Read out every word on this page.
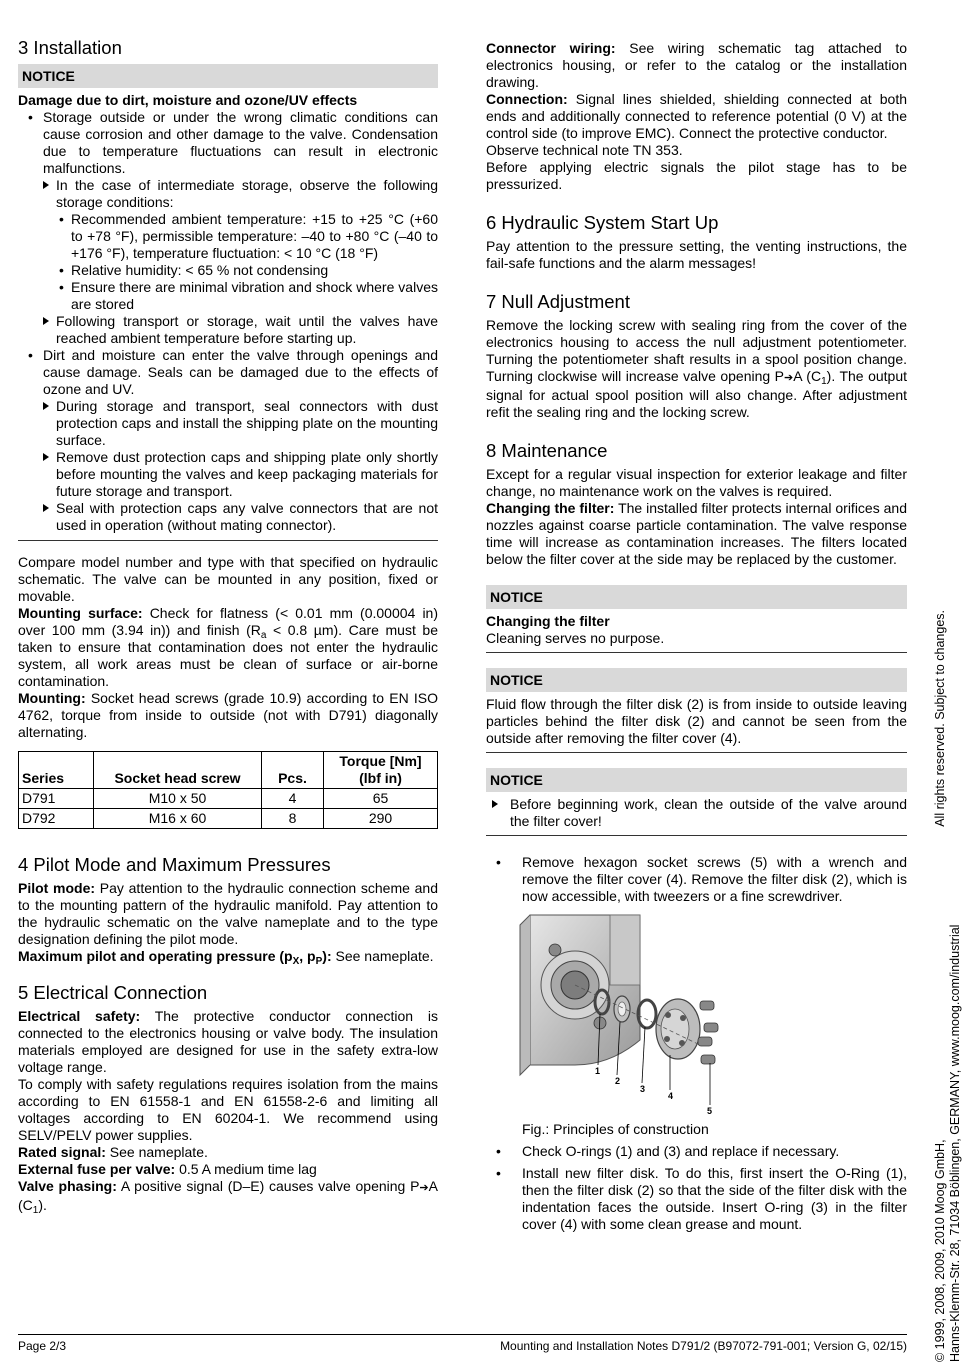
3 Installation
NOTICE
Damage due to dirt, moisture and ozone/UV effects
• Storage outside or under the wrong climatic conditions can cause corrosion and other damage to the valve. Condensation due to temperature fluctuations can result in electronic malfunctions.
In the case of intermediate storage, observe the following storage conditions:
• Recommended ambient temperature: +15 to +25 °C (+60 to +78 °F), permissible temperature: –40 to +80 °C (–40 to +176 °F), temperature fluctuation: < 10 °C (18 °F)
• Relative humidity: < 65 % not condensing
• Ensure there are minimal vibration and shock where valves are stored
Following transport or storage, wait until the valves have reached ambient temperature before starting up.
• Dirt and moisture can enter the valve through openings and cause damage. Seals can be damaged due to the effects of ozone and UV.
During storage and transport, seal connectors with dust protection caps and install the shipping plate on the mounting surface.
Remove dust protection caps and shipping plate only shortly before mounting the valves and keep packaging materials for future storage and transport.
Seal with protection caps any valve connectors that are not used in operation (without mating connector).

Compare model number and type with that specified on hydraulic schematic. The valve can be mounted in any position, fixed or movable.

Mounting surface: Check for flatness (< 0.01 mm (0.00004 in) over 100 mm (3.94 in)) and finish ($R_a < 0.8$ µm). Care must be taken to ensure that contamination does not enter the hydraulic system, all work areas must be clean of surface or air-borne contamination.

Mounting: Socket head screws (grade 10.9) according to EN ISO 4762, torque from inside to outside (not with D791) diagonally alternating.

Series	Socket head screw	Pcs.	Torque [Nm] (lbf in)
D791	M10 x 50	4	65
D792	M16 x 60	8	290
4 Pilot Mode and Maximum Pressures

Pilot mode: Pay attention to the hydraulic connection scheme and to the mounting pattern of the hydraulic manifold. Pay attention to the hydraulic schematic on the valve nameplate and to the type designation defining the pilot mode.

Maximum pilot and operating pressure ($p_X$, $p_P$): See nameplate.

5 Electrical Connection

Electrical safety: The protective conductor connection is connected to the electronics housing or valve body. The insulation materials employed are designed for use in the safety extra-low voltage range.

To comply with safety regulations requires isolation from the mains according to EN 61558-1 and EN 61558-2-6 and limiting all voltages according to EN 60204-1. We recommend using SELV/PELV power supplies.

Rated signal: See nameplate.

External fuse per valve: 0.5 A medium time lag

Valve phasing: A positive signal (D–E) causes valve opening P➔A $(C_1)$.

Connector wiring: See wiring schematic tag attached to electronics housing, or refer to the catalog or the installation drawing.

Connection: Signal lines shielded, shielding connected at both ends and additionally connected to reference potential (0 V) at the control side (to improve EMC). Connect the protective conductor.

Observe technical note TN 353.

Before applying electric signals the pilot stage has to be pressurized.

6 Hydraulic System Start Up

Pay attention to the pressure setting, the venting instructions, the fail-safe functions and the alarm messages!

7 Null Adjustment

Remove the locking screw with sealing ring from the cover of the electronics housing to access the null adjustment potentiometer. Turning the potentiometer shaft results in a spool position change. Turning clockwise will increase valve opening P➔A $(C_1)$. The output signal for actual spool position will also change. After adjustment refit the sealing ring and the locking screw.

8 Maintenance

Except for a regular visual inspection for exterior leakage and filter change, no maintenance work on the valves is required.

Changing the filter: The installed filter protects internal orifices and nozzles against coarse particle contamination. The valve response time will increase as contamination increases. The filters located below the filter cover at the side may be replaced by the customer.

NOTICE
Changing the filter

Cleaning serves no purpose.

NOTICE

Fluid flow through the filter disk (2) is from inside to outside leaving particles behind the filter disk (2) and cannot be seen from the outside after removing the filter cover (4).

NOTICE
Before beginning work, clean the outside of the valve around the filter cover!
• Remove hexagon socket screws (5) with a wrench and remove the filter cover (4). Remove the filter disk (2), which is now accessible, with tweezers or a fine screwdriver.
1
2
3
4
5
Fig.: Principles of construction
• Check O-rings (1) and (3) and replace if necessary.
• Install new filter disk. To do this, first insert the O-Ring (1), then the filter disk (2) so that the side of the filter disk with the indentation faces the outside. Insert O-ring (3) in the filter cover (4) with some clean grease and mount.	© 1999, 2008, 2009, 2010 Moog GmbH,
All rights reserved. Subject to changes.
Hanns-Klemm-Str. 28, 71034 Böblingen, GERMANY, www.moog.com/industrial
Page 2/3	Mounting and Installation Notes D791/2 (B97072-791-001; Version G, 02/15)
